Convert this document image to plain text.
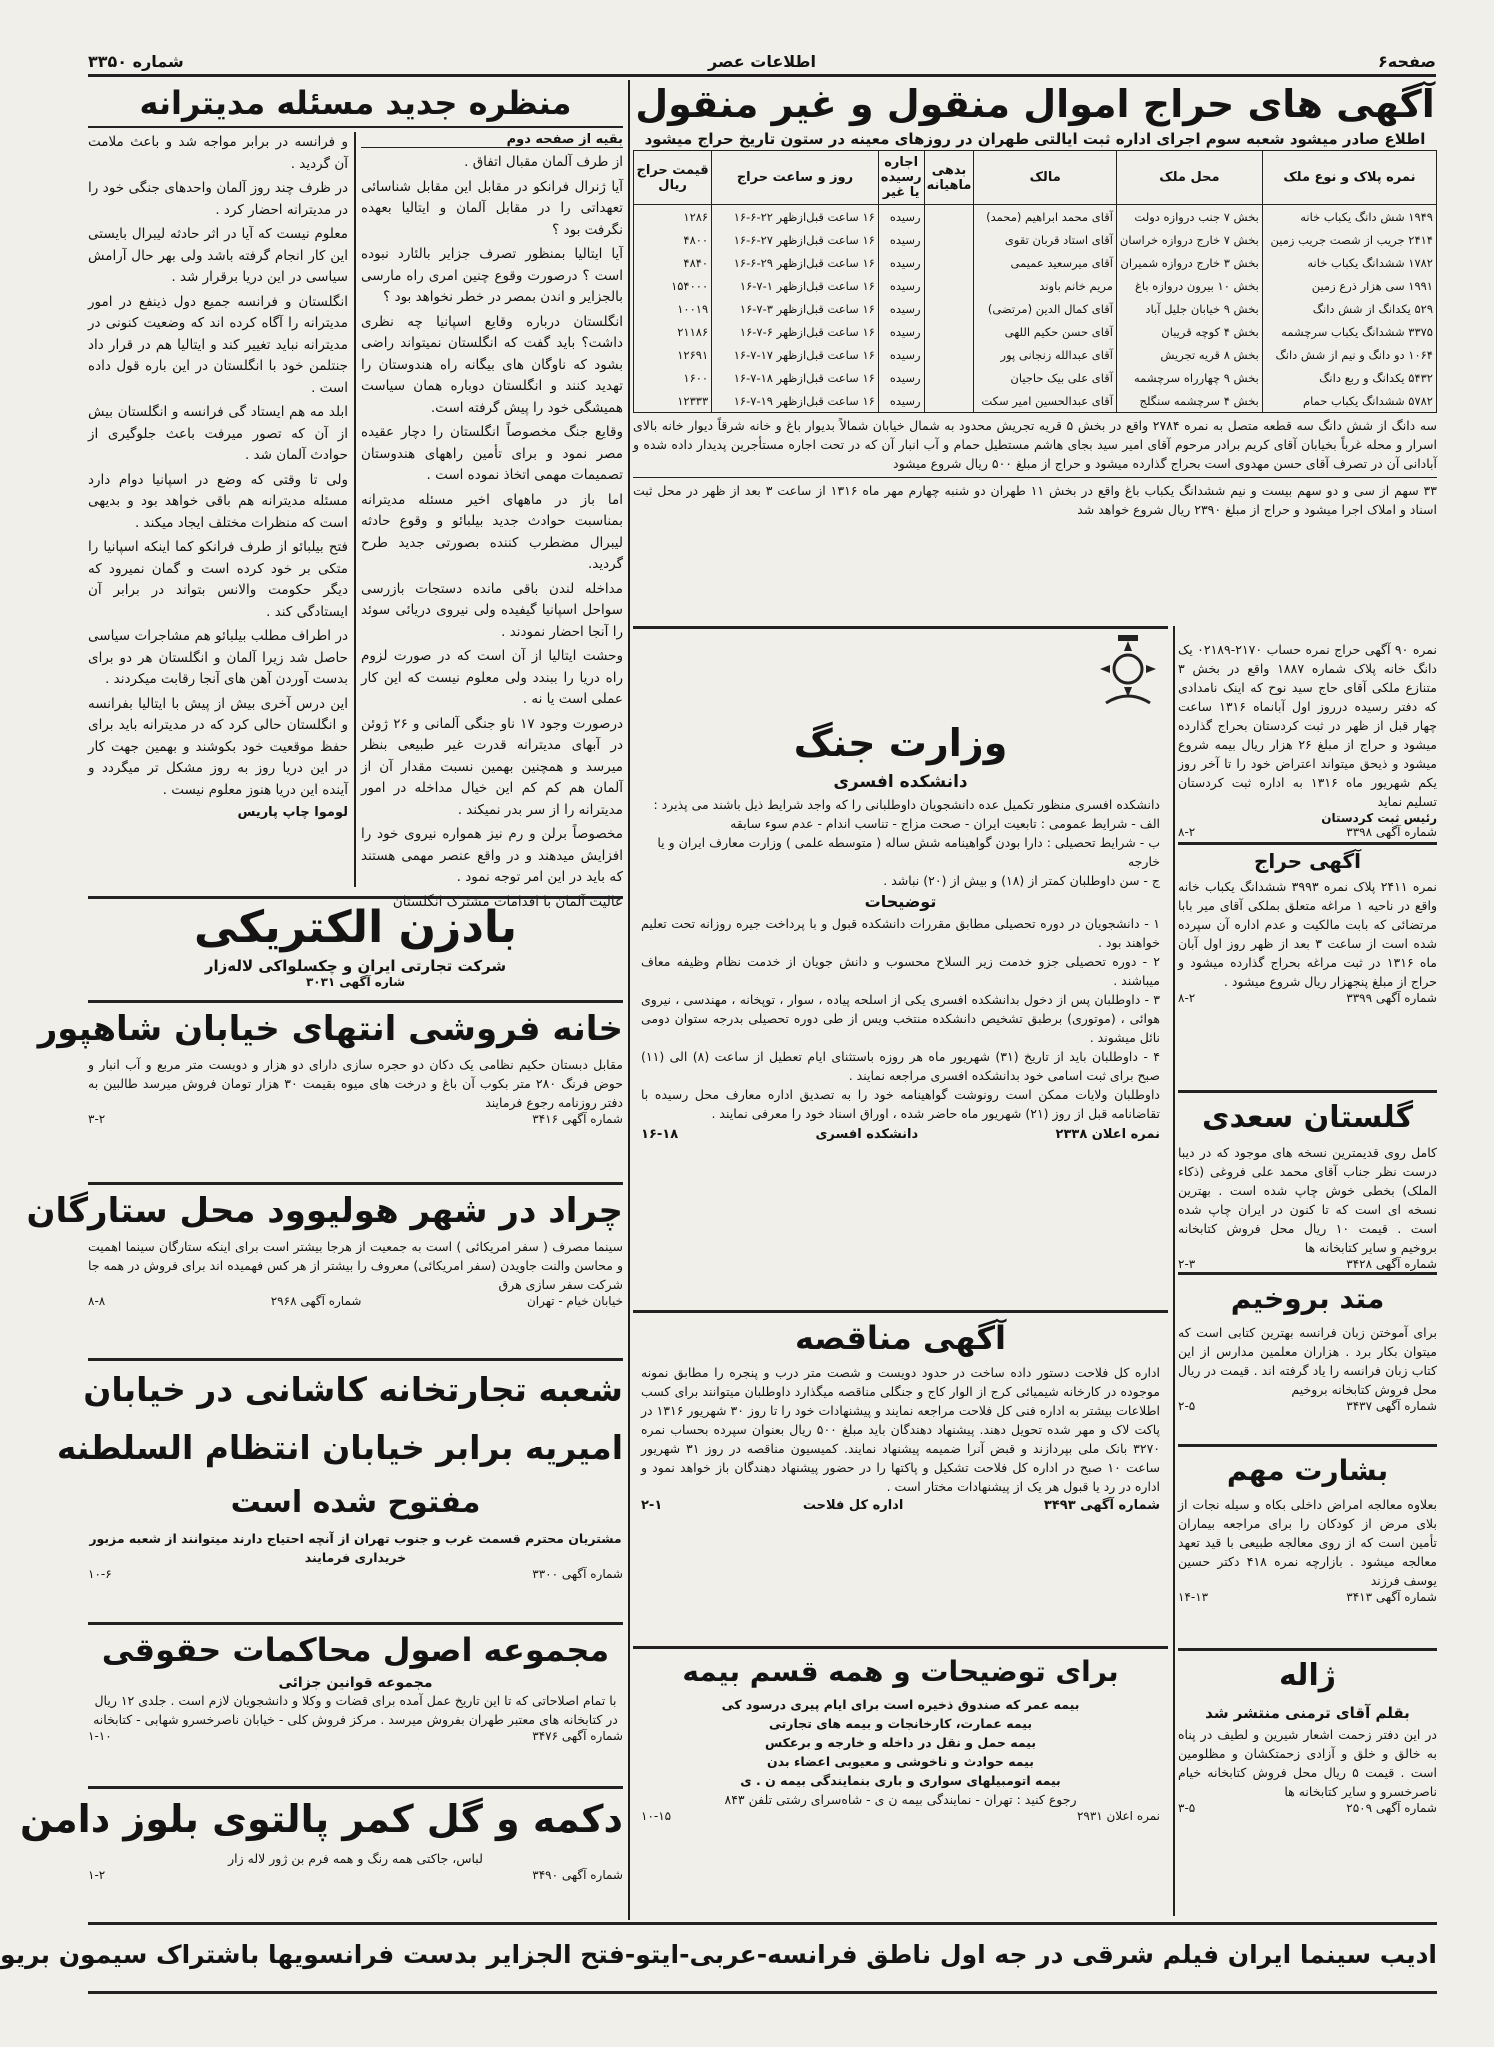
صفحه۶
اطلاعات عصر
شماره ۳۳۵۰
آگهی های حراج اموال منقول و غیر منقول
اطلاع صادر میشود شعبه سوم اجرای اداره ثبت ایالتی طهران در روزهای معینه در ستون تاریخ حراج میشود
نمره پلاک و نوع ملک	محل ملک	مالک	بدهی ماهیانه	اجاره رسیده یا غیر	روز و ساعت حراج	قیمت حراج ریال
۱۹۴۹ شش دانگ یکباب خانه	بخش ۷ جنب دروازه دولت	آقای محمد ابراهیم (محمد)		رسیده	۱۶ ساعت قبل‌ازظهر ۲۲-۶-۱۶	۱۲۸۶
۲۴۱۴ جریب از شصت جریب زمین	بخش ۷ خارج دروازه خراسان	آقای استاد قربان تقوی		رسیده	۱۶ ساعت قبل‌ازظهر ۲۷-۶-۱۶	۴۸۰۰
۱۷۸۲ ششدانگ یکباب خانه	بخش ۳ خارج دروازه شمیران	آقای میرسعید عمیمی		رسیده	۱۶ ساعت قبل‌ازظهر ۲۹-۶-۱۶	۴۸۴۰
۱۹۹۱ سی هزار ذرع زمین	بخش ۱۰ بیرون دروازه باغ	مریم خانم باوند		رسیده	۱۶ ساعت قبل‌ازظهر ۱-۷-۱۶	۱۵۴۰۰۰
۵۲۹ یکدانگ از شش دانگ	بخش ۹ خیابان جلیل آباد	آقای کمال الدین (مرتضی)		رسیده	۱۶ ساعت قبل‌ازظهر ۳-۷-۱۶	۱۰۰۱۹
۳۳۷۵ ششدانگ یکباب سرچشمه	بخش ۴ کوچه قریبان	آقای حسن حکیم اللهی		رسیده	۱۶ ساعت قبل‌ازظهر ۶-۷-۱۶	۲۱۱۸۶
۱۰۶۴ دو دانگ و نیم از شش دانگ	بخش ۸ قریه تجریش	آقای عبدالله زنجانی پور		رسیده	۱۶ ساعت قبل‌ازظهر ۱۷-۷-۱۶	۱۲۶۹۱
۵۴۳۲ یکدانگ و ربع دانگ	بخش ۹ چهارراه سرچشمه	آقای علی بیک حاجیان		رسیده	۱۶ ساعت قبل‌ازظهر ۱۸-۷-۱۶	۱۶۰۰
۵۷۸۲ ششدانگ یکباب حمام	بخش ۴ سرچشمه سنگلج	آقای عبدالحسین امیر سکت		رسیده	۱۶ ساعت قبل‌ازظهر ۱۹-۷-۱۶	۱۲۳۳۳
سه دانگ از شش دانگ سه قطعه متصل به نمره ۲۷۸۴ واقع در بخش ۵ قریه تجریش محدود به شمال خیابان شمالاً بدیوار باغ و خانه شرقاً دیوار خانه بالای اسرار و محله غرباً بخیابان آقای کریم برادر مرحوم آقای امیر سید بجای هاشم مستطیل حمام و آب انبار آن که در تحت اجاره مستأجرین پدیدار داده شده و آبادانی آن در تصرف آقای حسن مهدوی است بحراج گذارده میشود و حراج از مبلغ ۵۰۰ ریال شروع میشود
۳۳ سهم از سی و دو سهم بیست و نیم ششدانگ یکباب باغ واقع در بخش ۱۱ طهران دو شنبه چهارم مهر ماه ۱۳۱۶ از ساعت ۳ بعد از ظهر در محل ثبت اسناد و املاک اجرا میشود و حراج از مبلغ ۲۳۹۰ ریال شروع خواهد شد
منظره جدید مسئله مدیترانه
بقیه از صفحه دوم

از طرف آلمان مقبال اتفاق .

آیا ژنرال فرانکو در مقابل این مقابل شناسائی تعهداتی را در مقابل آلمان و ایتالیا بعهده نگرفت بود ؟

آیا ایتالیا بمنظور تصرف جزایر بالئارد نبوده است ؟ درصورت وقوع چنین امری راه مارسی بالجزایر و اندن بمصر در خطر نخواهد بود ؟

انگلستان درباره وقایع اسپانیا چه نظری داشت؟ باید گفت که انگلستان نمیتواند راضی بشود که ناوگان های بیگانه راه هندوستان را تهدید کنند و انگلستان دوباره همان سیاست همیشگی خود را پیش گرفته است.

وقایع جنگ مخصوصاً انگلستان را دچار عقیده مصر نمود و برای تأمین راههای هندوستان تصمیمات مهمی اتخاذ نموده است .

اما باز در ماههای اخیر مسئله مدیترانه بمناسبت حوادث جدید بیلبائو و وقوع حادثه لیبرال مضطرب کننده بصورتی جدید طرح گردید.

مداخله لندن باقی مانده دستجات بازرسی سواحل اسپانیا گیفیده ولی نیروی دریائی سوئد را آنجا احضار نمودند .

وحشت ایتالیا از آن است که در صورت لزوم راه دریا را ببندد ولی معلوم نیست که این کار عملی است یا نه .

درصورت وجود ۱۷ ناو جنگی آلمانی و ۲۶ ژوئن در آبهای مدیترانه قدرت غیر طبیعی بنظر میرسد و همچنین بهمین نسبت مقدار آن از آلمان هم کم کم این خیال مداخله در امور مدیترانه را از سر بدر نمیکند .

مخصوصاً برلن و رم نیز همواره نیروی خود را افزایش میدهند و در واقع عنصر مهمی هستند که باید در این امر توجه نمود .

عالیت آلمان با اقدامات مشترک انگلستان

و فرانسه در برابر مواجه شد و باعث ملامت آن گردید .

در ظرف چند روز آلمان واحدهای جنگی خود را در مدیترانه احضار کرد .

معلوم نیست که آیا در اثر حادثه لیبرال بایستی این کار انجام گرفته باشد ولی بهر حال آرامش سیاسی در این دریا برقرار شد .

انگلستان و فرانسه جمیع دول ذینفع در امور مدیترانه را آگاه کرده اند که وضعیت کنونی در مدیترانه نباید تغییر کند و ایتالیا هم در قرار داد جنتلمن خود با انگلستان در این باره قول داده است .

ابلد مه هم ایستاد گی فرانسه و انگلستان بیش از آن که تصور میرفت باعث جلوگیری از حوادث آلمان شد .

ولی تا وقتی که وضع در اسپانیا دوام دارد مسئله مدیترانه هم باقی خواهد بود و بدیهی است که منظرات مختلف ایجاد میکند .

فتح بیلبائو از طرف فرانکو کما اینکه اسپانیا را متکی بر خود کرده است و گمان نمیرود که دیگر حکومت والانس بتواند در برابر آن ایستادگی کند .

در اطراف مطلب بیلبائو هم مشاجرات سیاسی حاصل شد زیرا آلمان و انگلستان هر دو برای بدست آوردن آهن های آنجا رقابت میکردند .

این درس آخری بیش از پیش با ایتالیا بفرانسه و انگلستان حالی کرد که در مدیترانه باید برای حفظ موقعیت خود بکوشند و بهمین جهت کار در این دریا روز به روز مشکل تر میگردد و آینده این دریا هنوز معلوم نیست .

لوموا چاپ پاریس
بادزن الکتریکی
شرکت تجارتی ایران و چکسلواکی لاله‌زار
شاره آگهی ۳۰۳۱
خانه فروشی انتهای خیابان شاهپور
مقابل دبستان حکیم نظامی یک دکان دو حجره سازی دارای دو هزار و دویست متر مربع و آب انبار و حوض فرنگ ۲۸۰ متر بکوب آن باغ و درخت های میوه بقیمت ۳۰ هزار تومان فروش میرسد طالبین به دفتر روزنامه رجوع فرمایند
شماره آگهی ۳۴۱۶
۳-۲
چراد در شهر هولیوود محل ستارگان
سینما مصرف ( سفر امریکائی ) است به جمعیت از هرجا بیشتر است برای اینکه ستارگان سینما اهمیت و محاسن والنت جاویدن (سفر امریکائی) معروف را بیشتر از هر کس فهمیده اند برای فروش در همه جا شرکت سفر سازی هرق
خیابان خیام - تهران
شماره آگهی ۲۹۶۸
۸-۸
شعبه تجارتخانه کاشانی در خیابان
امیریه برابر خیابان انتظام السلطنه
مفتوح شده است
مشتریان محترم قسمت غرب و جنوب تهران از آنچه احتیاج دارند میتوانند از شعبه مزبور خریداری فرمایند
شماره آگهی ۳۳۰۰
۱۰-۶
مجموعه اصول محاکمات حقوقی
مجموعه قوانین جزائی
با تمام اصلاحاتی که تا این تاریخ عمل آمده برای قضات و وکلا و دانشجویان لازم است . جلدی ۱۲ ریال در کتابخانه های معتبر طهران بفروش میرسد . مرکز فروش کلی - خیابان ناصرخسرو شهابی - کتابخانه
شماره آگهی ۳۴۷۶
۱-۱۰
دکمه و گل کمر پالتوی بلوز دامن
لباس، جاکتی همه رنگ و همه فرم بن ژور لاله زار
شماره آگهی ۳۴۹۰
۱-۲
وزارت جنگ
دانشکده افسری
دانشکده افسری منظور تکمیل عده دانشجویان داوطلبانی را که واجد شرایط ذیل باشند می پذیرد :
الف - شرایط عمومی : تابعیت ایران - صحت مزاج - تناسب اندام - عدم سوء سابقه
ب - شرایط تحصیلی : دارا بودن گواهینامه شش ساله ( متوسطه علمی ) وزارت معارف ایران و یا خارجه
ج - سن داوطلبان کمتر از (۱۸) و بیش از (۲۰) نباشد .
توضیحات
۱ - دانشجویان در دوره تحصیلی مطابق مقررات دانشکده قبول و با پرداخت جیره روزانه تحت تعلیم خواهند بود .
۲ - دوره تحصیلی جزو خدمت زیر السلاح محسوب و دانش جویان از خدمت نظام وظیفه معاف میباشند .
۳ - داوطلبان پس از دخول بدانشکده افسری یکی از اسلحه پیاده ، سوار ، توپخانه ، مهندسی ، نیروی هوائی ، (موتوری) برطبق تشخیص دانشکده منتخب ویس از طی دوره تحصیلی بدرجه ستوان دومی نائل میشوند .
۴ - داوطلبان باید از تاریخ (۳۱) شهریور ماه هر روزه باستثنای ایام تعطیل از ساعت (۸) الی (۱۱) صبح برای ثبت اسامی خود بدانشکده افسری مراجعه نمایند .
داوطلبان ولایات ممکن است رونوشت گواهینامه خود را به تصدیق اداره معارف محل رسیده با تقاضانامه قبل از روز (۲۱) شهریور ماه حاضر شده ، اوراق اسناد خود را معرفی نمایند .
نمره اعلان ۲۳۳۸
دانشکده افسری
۱۶-۱۸
آگهی مناقصه
اداره کل فلاحت دستور داده ساخت در حدود دویست و شصت متر درب و پنجره را مطابق نمونه موجوده در کارخانه شیمیائی کرج از الوار کاج و جنگلی مناقصه میگذارد داوطلبان میتوانند برای کسب اطلاعات بیشتر به اداره فنی کل فلاحت مراجعه نمایند و پیشنهادات خود را تا روز ۳۰ شهریور ۱۳۱۶ در پاکت لاک و مهر شده تحویل دهند. پیشنهاد دهندگان باید مبلغ ۵۰۰ ریال بعنوان سپرده بحساب نمره ۳۲۷۰ بانک ملی بپردازند و قبض آنرا ضمیمه پیشنهاد نمایند. کمیسیون مناقصه در روز ۳۱ شهریور ساعت ۱۰ صبح در اداره کل فلاحت تشکیل و پاکتها را در حضور پیشنهاد دهندگان باز خواهد نمود و اداره در رد یا قبول هر یک از پیشنهادات مختار است .
شماره آگهی ۳۴۹۳
اداره کل فلاحت
۲-۱
برای توضیحات و همه قسم بیمه
بیمه عمر که صندوق ذخیره است برای ایام پیری درسود کی
بیمه عمارت، کارخانجات و بیمه های تجارتی
بیمه حمل و نقل در داخله و خارجه و برعکس
بیمه حوادث و ناخوشی و معیوبی اعضاء بدن
بیمه اتومبیلهای سواری و باری بنمایندگی بیمه ن . ی
رجوع کنید : تهران - نمایندگی بیمه ن ی - شاه‌سرای رشتی تلفن ۸۴۳
نمره اعلان ۲۹۳۱
۱۰-۱۵
نمره ۹۰ آگهی حراج نمره حساب ۲۱۷۰-۰۲۱۸۹ یک دانگ خانه پلاک شماره ۱۸۸۷ واقع در بخش ۳ متنازع ملکی آقای حاج سید نوح که اینک نامدادی که دفتر رسیده درروز اول آبانماه ۱۳۱۶ ساعت چهار قبل از ظهر در ثبت کردستان بحراج گذارده میشود و حراج از مبلغ ۲۶ هزار ریال بیمه شروع میشود و ذیحق میتواند اعتراض خود را تا آخر روز یکم شهریور ماه ۱۳۱۶ به اداره ثبت کردستان تسلیم نماید
رئیس ثبت کردستان
شماره آگهی ۳۳۹۸
۸-۲
آگهی حراج
نمره ۲۴۱۱ پلاک نمره ۳۹۹۳ ششدانگ یکباب خانه واقع در ناحیه ۱ مراغه متعلق بملکی آقای میر بابا مرتضائی که بابت مالکیت و عدم اداره آن سپرده شده است از ساعت ۳ بعد از ظهر روز اول آبان ماه ۱۳۱۶ در ثبت مراغه بحراج گذارده میشود و حراج از مبلغ پنجهزار ریال شروع میشود .
شماره آگهی ۳۳۹۹
۸-۲
گلستان سعدی
کامل روی قدیمترین نسخه های موجود که در دیبا درست نظر جناب آقای محمد علی فروغی (ذکاء الملک) بخطی خوش چاپ شده است . بهترین نسخه ای است که تا کنون در ایران چاپ شده است . قیمت ۱۰ ریال محل فروش کتابخانه بروخیم و سایر کتابخانه ها
شماره آگهی ۳۴۲۸
۲-۳
متد بروخیم
برای آموختن زبان فرانسه بهترین کتابی است که میتوان بکار برد . هزاران معلمین مدارس از این کتاب زبان فرانسه را یاد گرفته اند . قیمت در ریال محل فروش کتابخانه بروخیم
شماره آگهی ۳۴۳۷
۲-۵
بشارت مهم
بعلاوه معالجه امراض داخلی بکاه و سیله نجات از بلای مرض از کودکان را برای مراجعه بیماران تأمین است که از روی معالجه طبیعی با قید تعهد معالجه میشود . بازارچه نمره ۴۱۸ دکتر حسین یوسف فرزند
شماره آگهی ۳۴۱۳
۱۴-۱۳
ژاله
بقلم آقای ترمنی منتشر شد
در این دفتر زحمت اشعار شیرین و لطیف در پناه به خالق و خلق و آزادی زحمتکشان و مظلومین است . قیمت ۵ ریال محل فروش کتابخانه خیام ناصرخسرو و سایر کتابخانه ها
شماره آگهی ۲۵۰۹
۳-۵
ادیب سینما ایران فیلم شرقی در جه اول ناطق فرانسه-عربی-ایتو-فتح الجزایر بدست فرانسویها باشتراک سیمون بریو
